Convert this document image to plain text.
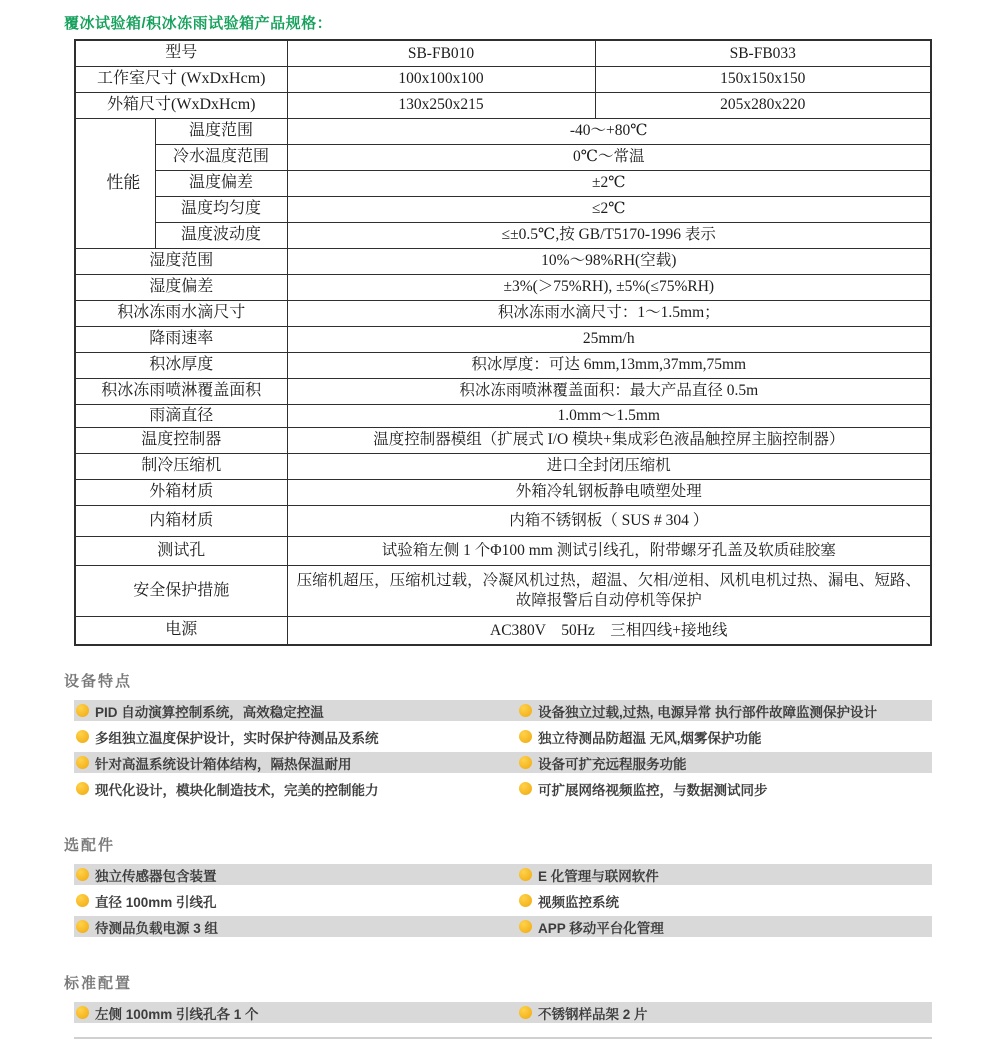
覆冰试验箱/积冰冻雨试验箱产品规格：
型号		SB-FB010	SB-FB033
工作室尺寸 (WxDxHcm)		100x100x100	150x150x150
外箱尺寸(WxDxHcm)		130x250x215	205x280x220
性能	温度范围	-40～+80℃	
	冷水温度范围	0℃～常温	
	温度偏差	±2℃	
	温度均匀度	≤2℃	
	温度波动度	≤±0.5℃,按 GB/T5170-1996 表示	
湿度范围		10%～98%RH(空载)	
湿度偏差		±3%(＞75%RH), ±5%(≤75%RH)	
积冰冻雨水滴尺寸		积冰冻雨水滴尺寸：1～1.5mm；	
降雨速率		25mm/h	
积冰厚度		积冰厚度：可达 6mm,13mm,37mm,75mm	
积冰冻雨喷淋覆盖面积		积冰冻雨喷淋覆盖面积：最大产品直径 0.5m	
雨滴直径		1.0mm～1.5mm	
温度控制器		温度控制器模组（扩展式 I/O 模块+集成彩色液晶触控屏主脑控制器）	
制冷压缩机		进口全封闭压缩机	
外箱材质		外箱冷轧钢板静电喷塑处理	
内箱材质		内箱不锈钢板（ SUS # 304 ）	
测试孔		试验箱左侧 1 个Φ100 mm 测试引线孔，附带螺牙孔盖及软质硅胶塞	
安全保护措施		压缩机超压，压缩机过载，冷凝风机过热，超温、欠相/逆相、风机电机过热、漏电、短路、故障报警后自动停机等保护	
电源		AC380V　50Hz　三相四线+接地线	
设备特点
PID 自动演算控制系统，高效稳定控温	设备独立过载,过热, 电源异常 执行部件故障监测保护设计
多组独立温度保护设计，实时保护待测品及系统	独立待测品防超温 无风,烟雾保护功能
针对高温系统设计箱体结构，隔热保温耐用	设备可扩充远程服务功能
现代化设计，模块化制造技术，完美的控制能力	可扩展网络视频监控，与数据测试同步
选配件
独立传感器包含装置	E 化管理与联网软件
直径 100mm 引线孔	视频监控系统
待测品负载电源 3 组	APP 移动平台化管理
标准配置
左侧 100mm 引线孔各 1 个	不锈钢样品架 2 片
